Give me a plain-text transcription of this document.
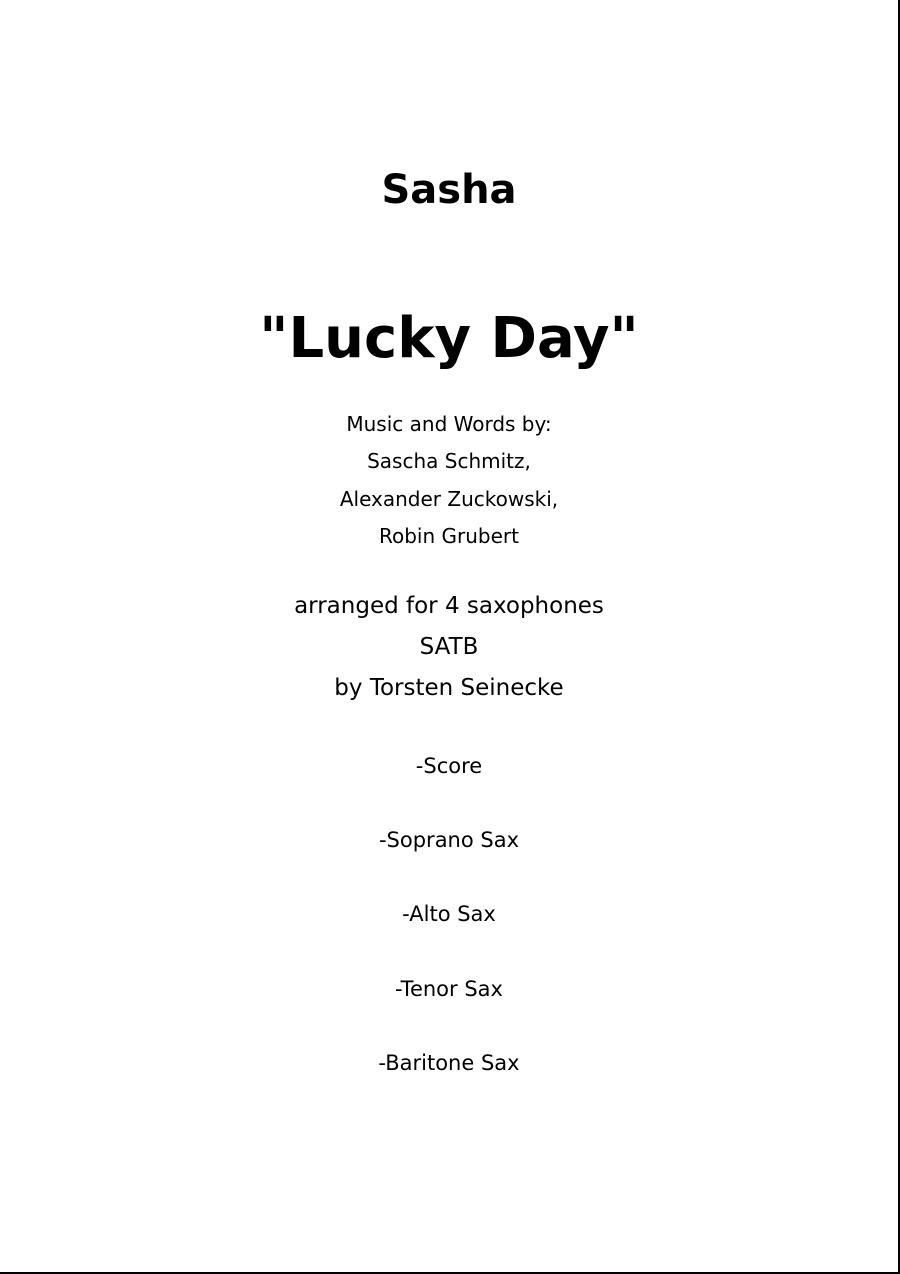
Sasha
"Lucky Day"
Music and Words by:
Sascha Schmitz,
Alexander Zuckowski,
Robin Grubert
arranged for 4 saxophones
SATB
by Torsten Seinecke
-Score
-Soprano Sax
-Alto Sax
-Tenor Sax
-Baritone Sax
